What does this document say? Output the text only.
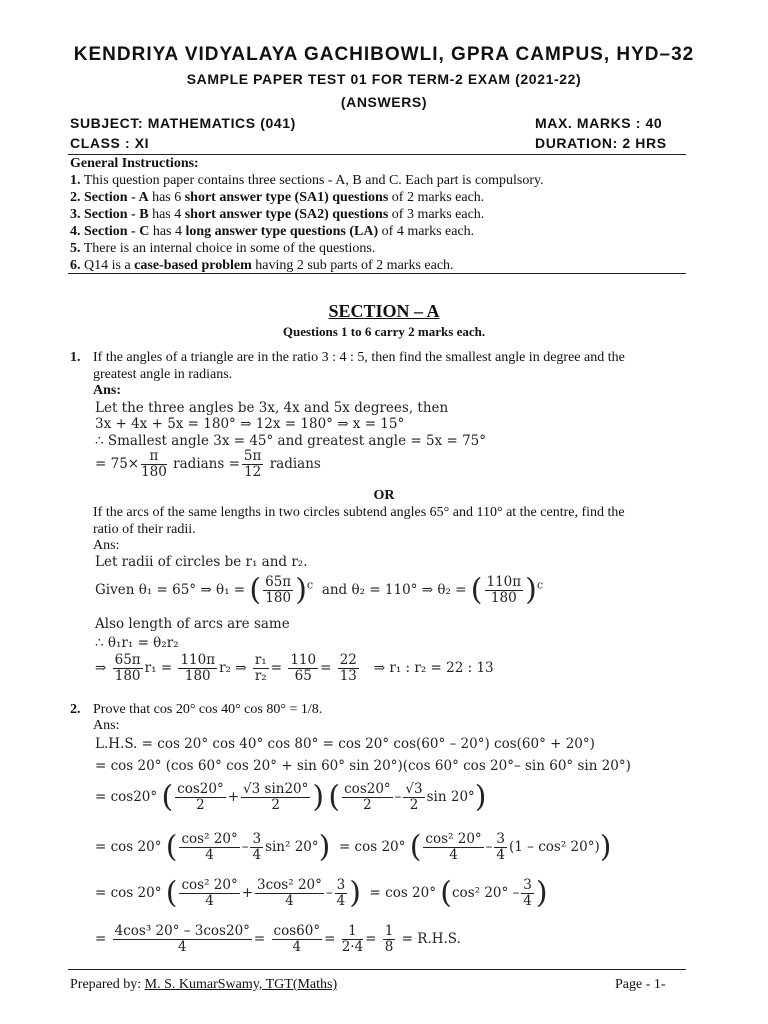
KENDRIYA VIDYALAYA GACHIBOWLI, GPRA CAMPUS, HYD–32
SAMPLE PAPER TEST 01 FOR TERM-2 EXAM (2021-22)
(ANSWERS)
SUBJECT: MATHEMATICS (041)	MAX. MARKS : 40
CLASS : XI	DURATION: 2 HRS
General Instructions:
1. This question paper contains three sections - A, B and C. Each part is compulsory.
2. Section - A has 6 short answer type (SA1) questions of 2 marks each.
3. Section - B has 4 short answer type (SA2) questions of 3 marks each.
4. Section - C has 4 long answer type questions (LA) of 4 marks each.
5. There is an internal choice in some of the questions.
6. Q14 is a case-based problem having 2 sub parts of 2 marks each.
SECTION – A
Questions 1 to 6 carry 2 marks each.
1. If the angles of a triangle are in the ratio 3 : 4 : 5, then find the smallest angle in degree and the
greatest angle in radians.
Ans:
Let the three angles be 3x, 4x and 5x degrees, then
3x + 4x + 5x = 180° ⇒ 12x = 180° ⇒ x = 15°
∴ Smallest angle 3x = 45° and greatest angle = 5x = 75°
= $75\times \frac{\pi}{180}$ radians = $\frac{5\pi}{12}$ radians
OR
If the arcs of the same lengths in two circles subtend angles 65° and 110° at the centre, find the
ratio of their radii.
Ans:
Let radii of circles be r₁ and r₂.
Given θ₁ = 65° ⇒ θ₁ = ( $\frac{65\pi}{180} )^c$ and θ₂ = 110° ⇒ θ₂ = ( $\frac{110\pi}{180} )^c$
Also length of arcs are same
∴ θ₁r₁ = θ₂r₂
⇒ $\frac{65\pi}{180} r_1 = \frac{110\pi}{180} r_2$ ⇒ $\frac{\text{r₁}}{\text{r₂}} = \frac{110}{65} = \frac{22}{13}$ ⇒ r₁ : r₂ = 22 : 13
2. Prove that cos 20° cos 40° cos 80° = 1/8.
Ans:
L.H.S. = cos 20° cos 40° cos 80° = cos 20° cos(60° – 20°) cos(60° + 20°)
= cos 20° (cos 60° cos 20° + sin 60° sin 20°)(cos 60° cos 20°– sin 60° sin 20°)
= cos20° ( $\frac{\cos 20^\circ}{2} + \frac{√3 \sin 20^\circ}{2}$ ) ( $\frac{\cos 20^\circ}{2} - \frac{√3}{2}$ sin 20°)
= cos 20° ( $\frac{\text{cos² 20°}}{4} - \frac{3}{4} \sin^2$ 20°) = cos 20° ( $\frac{\text{cos² 20°}}{4} - \frac{3}{4} (1 - \cos^2$ 20°))
= cos 20° ( $\frac{\text{cos² 20°}}{4} + \frac{\text{3cos² 20°}}{4} - \frac{3}{4}$ ) = cos 20° (cos² $20^\circ - \frac{3}{4}$ )
= $\frac{\text{4cos³ 20° – 3cos20°}}{4} = \frac{\cos 60^\circ}{4} = \frac{1}{2\cdot 4} = \frac{1}{8} = R.H.S$.
Prepared by: M. S. KumarSwamy, TGT(Maths)	Page - 1-
